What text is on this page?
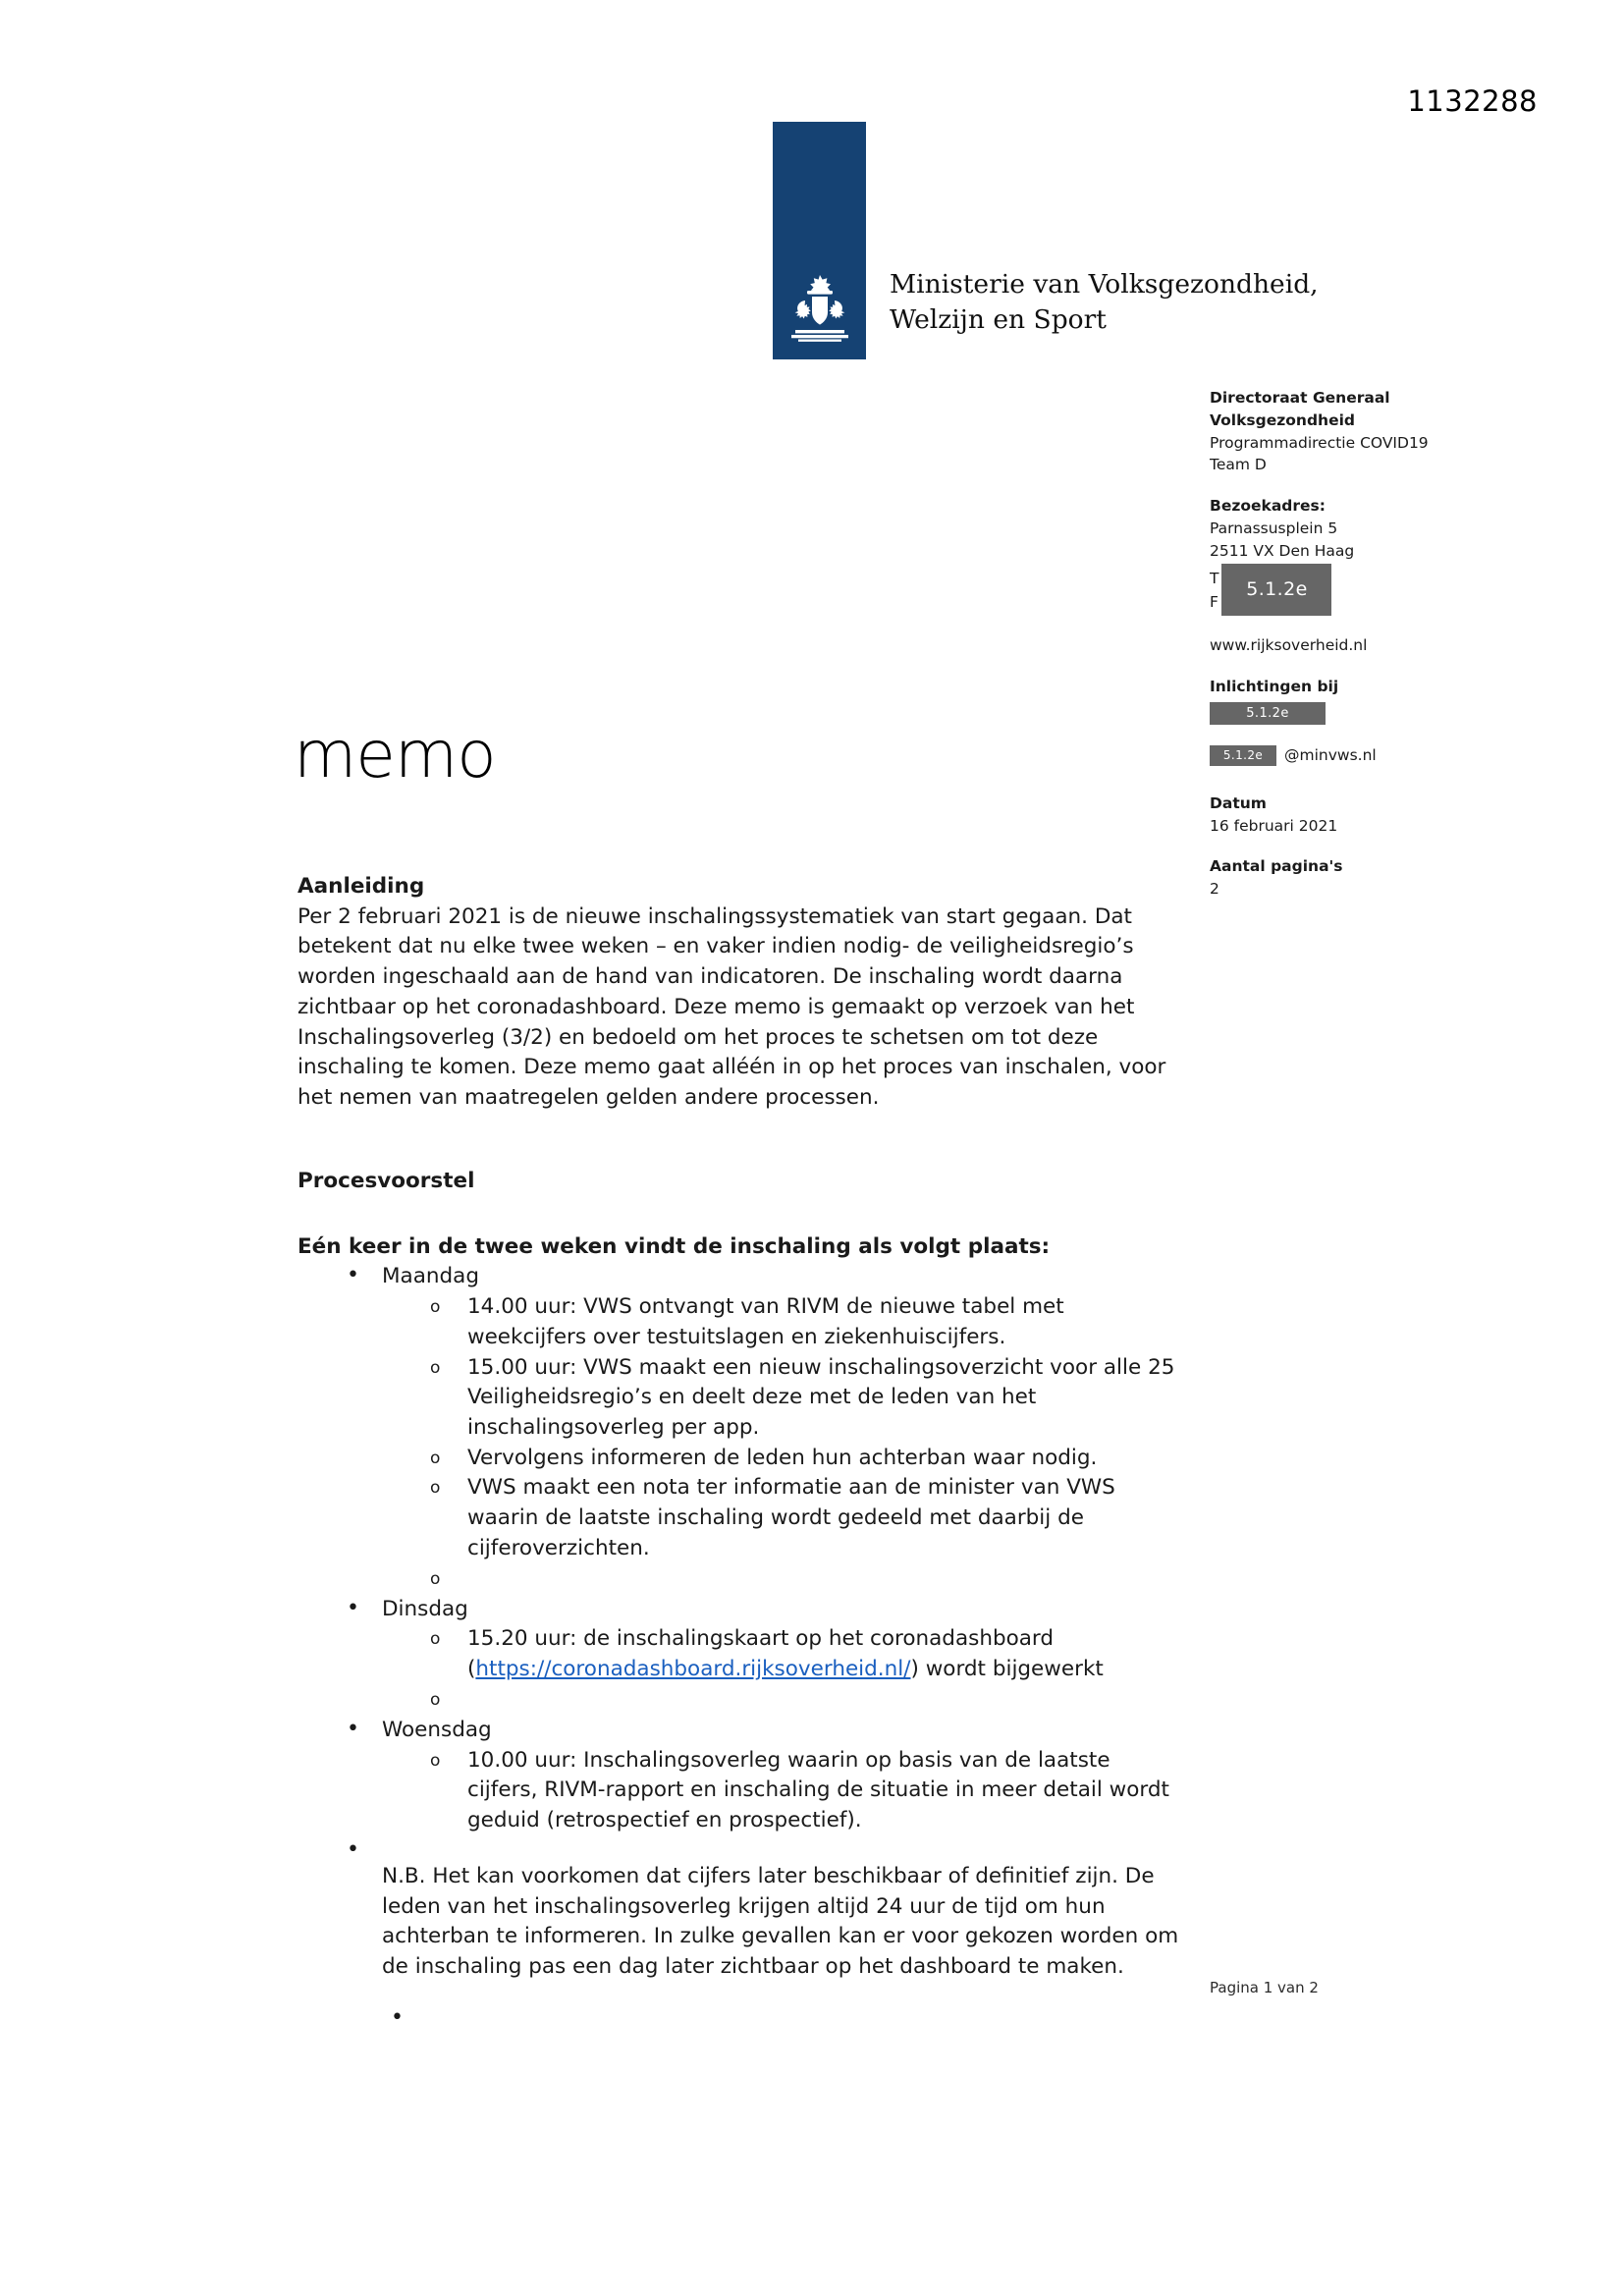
1132288
Ministerie van Volksgezondheid,
Welzijn en Sport
Directoraat Generaal
Volksgezondheid
Programmadirectie COVID19
Team D
Bezoekadres:
Parnassusplein 5
2511 VX Den Haag
T
F
5.1.2e
www.rijksoverheid.nl
Inlichtingen bij
5.1.2e
5.1.2e	@minvws.nl
Datum
16 februari 2021
Aantal pagina's
2
memo
Aanleiding

Per 2 februari 2021 is de nieuwe inschalingssystematiek van start gegaan. Dat betekent dat nu elke twee weken – en vaker indien nodig- de veiligheidsregio’s worden ingeschaald aan de hand van indicatoren. De inschaling wordt daarna zichtbaar op het coronadashboard. Deze memo is gemaakt op verzoek van het Inschalingsoverleg (3/2) en bedoeld om het proces te schetsen om tot deze inschaling te komen. Deze memo gaat alléén in op het proces van inschalen, voor het nemen van maatregelen gelden andere processen.

Procesvoorstel
Eén keer in de twee weken vindt de inschaling als volgt plaats:
• Maandag
o 14.00 uur: VWS ontvangt van RIVM de nieuwe tabel met weekcijfers over testuitslagen en ziekenhuiscijfers.
o 15.00 uur: VWS maakt een nieuw inschalingsoverzicht voor alle 25 Veiligheidsregio’s en deelt deze met de leden van het inschalingsoverleg per app.
o Vervolgens informeren de leden hun achterban waar nodig.
o VWS maakt een nota ter informatie aan de minister van VWS waarin de laatste inschaling wordt gedeeld met daarbij de cijferoverzichten.
o
• Dinsdag
o 15.20 uur: de inschalingskaart op het coronadashboard
(https://coronadashboard.rijksoverheid.nl/) wordt bijgewerkt
o
• Woensdag
o 10.00 uur: Inschalingsoverleg waarin op basis van de laatste cijfers, RIVM-rapport en inschaling de situatie in meer detail wordt geduid (retrospectief en prospectief).
• N.B. Het kan voorkomen dat cijfers later beschikbaar of definitief zijn. De leden van het inschalingsoverleg krijgen altijd 24 uur de tijd om hun achterban te informeren. In zulke gevallen kan er voor gekozen worden om de inschaling pas een dag later zichtbaar op het dashboard te maken.
•
Pagina 1 van 2
